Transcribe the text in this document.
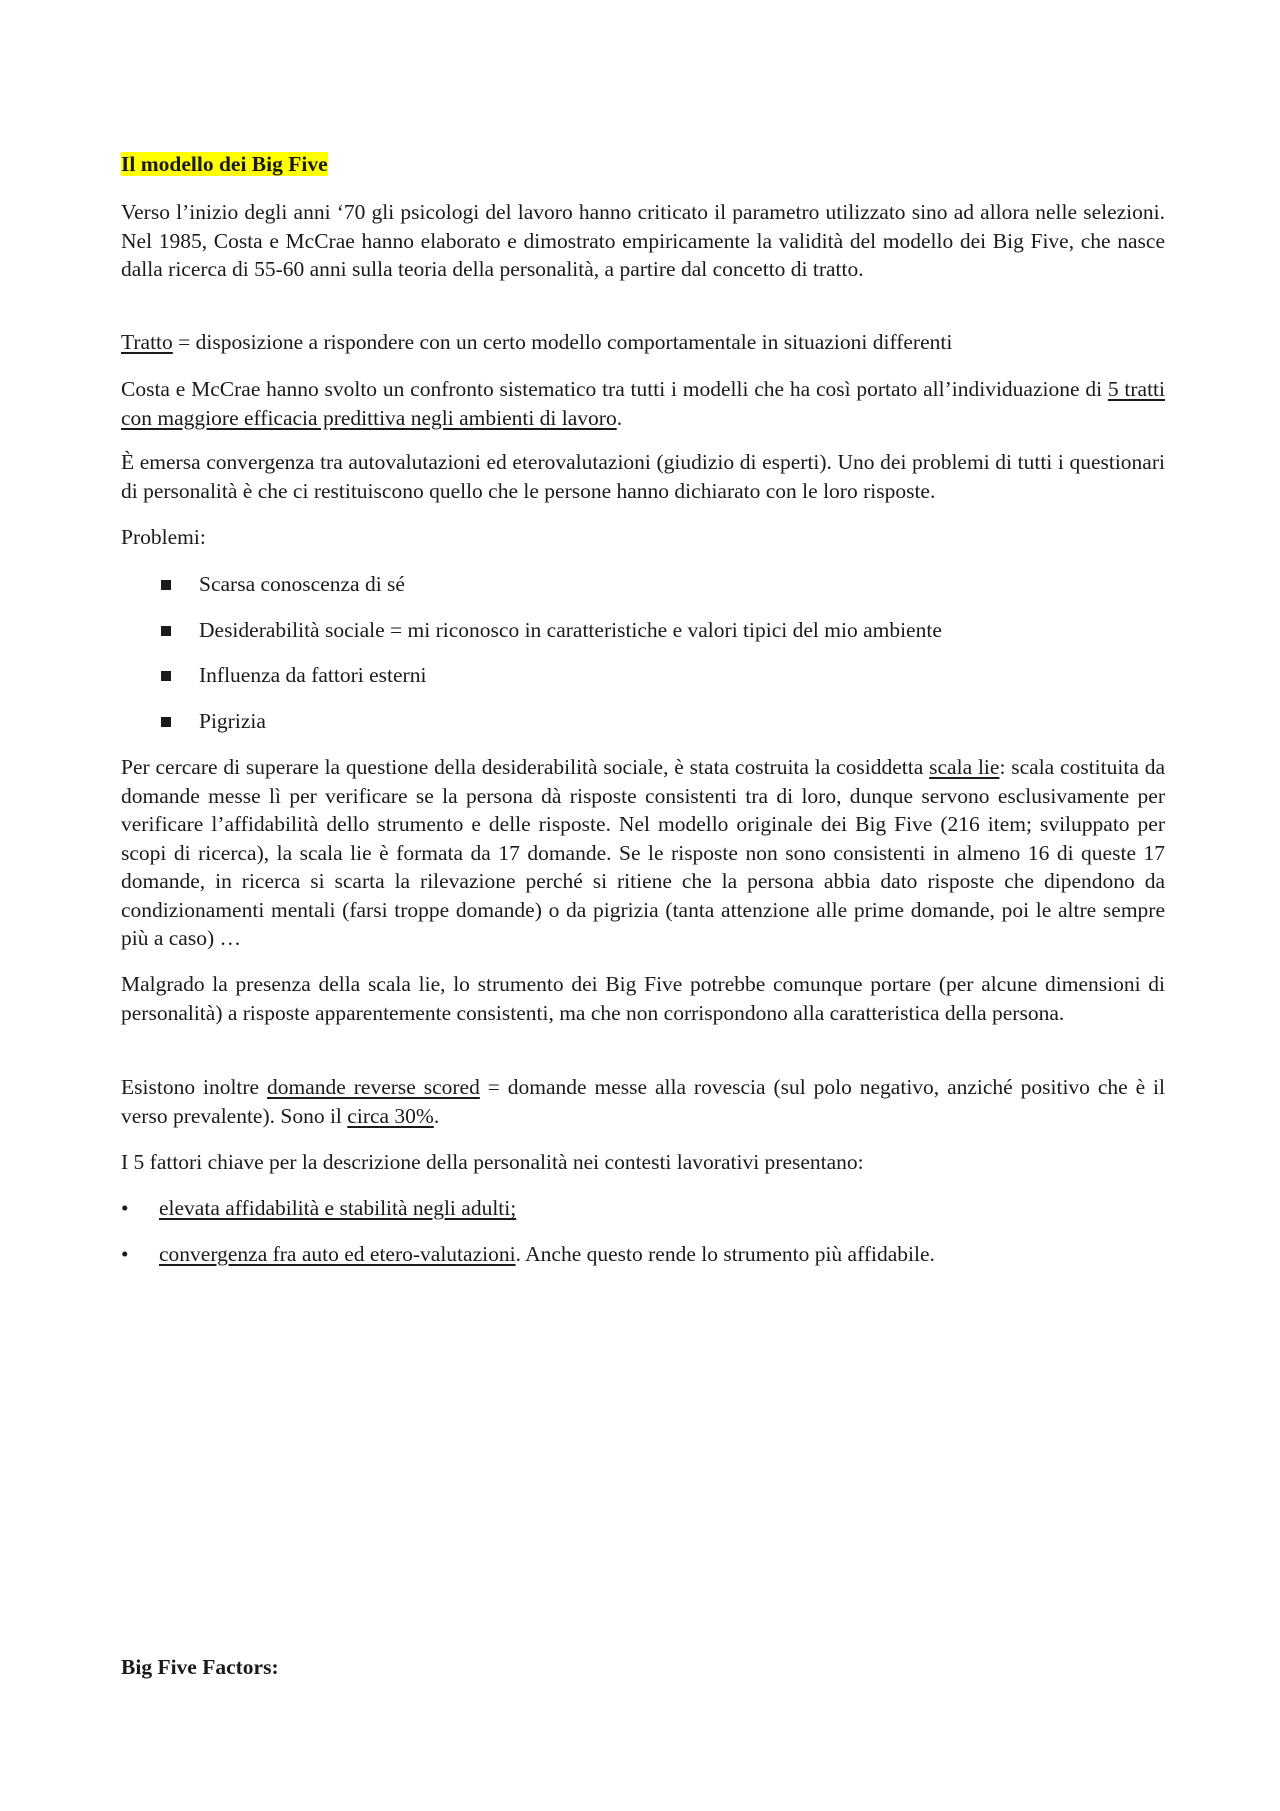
Il modello dei Big Five

Verso l’inizio degli anni ‘70 gli psicologi del lavoro hanno criticato il parametro utilizzato sino ad allora nelle selezioni. Nel 1985, Costa e McCrae hanno elaborato e dimostrato empiricamente la validità del modello dei Big Five, che nasce dalla ricerca di 55-60 anni sulla teoria della personalità, a partire dal concetto di tratto.

Tratto = disposizione a rispondere con un certo modello comportamentale in situazioni differenti

Costa e McCrae hanno svolto un confronto sistematico tra tutti i modelli che ha così portato all’individuazione di 5 tratti con maggiore efficacia predittiva negli ambienti di lavoro.

È emersa convergenza tra autovalutazioni ed eterovalutazioni (giudizio di esperti). Uno dei problemi di tutti i questionari di personalità è che ci restituiscono quello che le persone hanno dichiarato con le loro risposte.

Problemi:

Scarsa conoscenza di sé
Desiderabilità sociale = mi riconosco in caratteristiche e valori tipici del mio ambiente
Influenza da fattori esterni
Pigrizia

Per cercare di superare la questione della desiderabilità sociale, è stata costruita la cosiddetta scala lie: scala costituita da domande messe lì per verificare se la persona dà risposte consistenti tra di loro, dunque servono esclusivamente per verificare l’affidabilità dello strumento e delle risposte. Nel modello originale dei Big Five (216 item; sviluppato per scopi di ricerca), la scala lie è formata da 17 domande. Se le risposte non sono consistenti in almeno 16 di queste 17 domande, in ricerca si scarta la rilevazione perché si ritiene che la persona abbia dato risposte che dipendono da condizionamenti mentali (farsi troppe domande) o da pigrizia (tanta attenzione alle prime domande, poi le altre sempre più a caso) …

Malgrado la presenza della scala lie, lo strumento dei Big Five potrebbe comunque portare (per alcune dimensioni di personalità) a risposte apparentemente consistenti, ma che non corrispondono alla caratteristica della persona.

Esistono inoltre domande reverse scored = domande messe alla rovescia (sul polo negativo, anziché positivo che è il verso prevalente). Sono il circa 30%.

I 5 fattori chiave per la descrizione della personalità nei contesti lavorativi presentano:

• elevata affidabilità e stabilità negli adulti;
• convergenza fra auto ed etero-valutazioni. Anche questo rende lo strumento più affidabile.

Big Five Factors:
